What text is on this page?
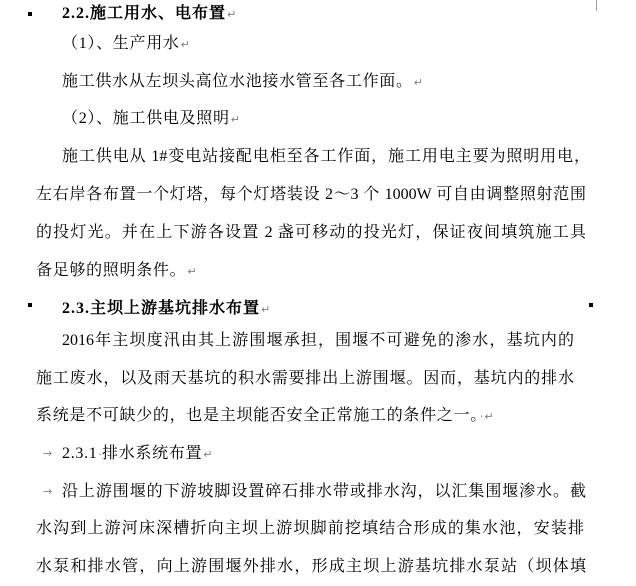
2.2.施工用水、电布置↵
（1）、生产用水↵
施工供水从左坝头高位水池接水管至各工作面。↵
（2）、施工供电及照明↵
施工供电从 1#变电站接配电柜至各工作面，施工用电主要为照明用电，
左右岸各布置一个灯塔，每个灯塔装设 2～3 个 1000W 可自由调整照射范围
的投灯光。并在上下游各设置 2 盏可移动的投光灯，保证夜间填筑施工具
备足够的照明条件。↵
2.3.主坝上游基坑排水布置↵
2016年主坝度汛由其上游围堰承担，围堰不可避免的渗水，基坑内的
施工废水，以及雨天基坑的积水需要排出上游围堰。因而，基坑内的排水
系统是不可缺少的，也是主坝能否安全正常施工的条件之一。·↵
→ 2.3.1·排水系统布置↵
→ 沿上游围堰的下游坡脚设置碎石排水带或排水沟，以汇集围堰渗水。截
水沟到上游河床深槽折向主坝上游坝脚前挖填结合形成的集水池，安装排
水泵和排水管，向上游围堰外排水，形成主坝上游基坑排水泵站（坝体填
